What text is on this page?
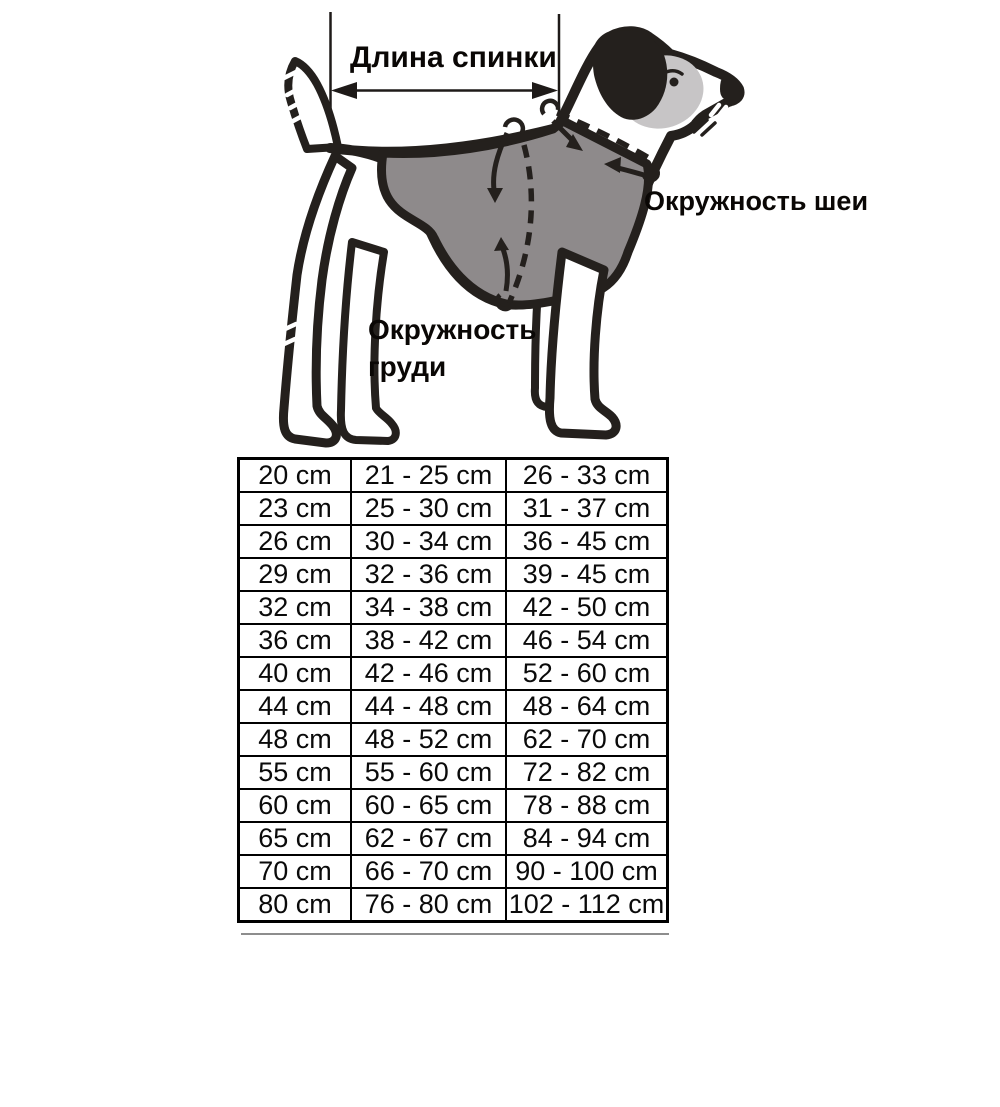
Длина спинки
Окружность шеи
Окружность груди
20 cm	21 - 25 cm	26 - 33 cm
23 cm	25 - 30 cm	31 - 37 cm
26 cm	30 - 34 cm	36 - 45 cm
29 cm	32 - 36 cm	39 - 45 cm
32 cm	34 - 38 cm	42 - 50 cm
36 cm	38 - 42 cm	46 - 54 cm
40 cm	42 - 46 cm	52 - 60 cm
44 cm	44 - 48 cm	48 - 64 cm
48 cm	48 - 52 cm	62 - 70 cm
55 cm	55 - 60 cm	72 - 82 cm
60 cm	60 - 65 cm	78 - 88 cm
65 cm	62 - 67 cm	84 - 94 cm
70 cm	66 - 70 cm	90 - 100 cm
80 cm	76 - 80 cm	102 - 112 cm
